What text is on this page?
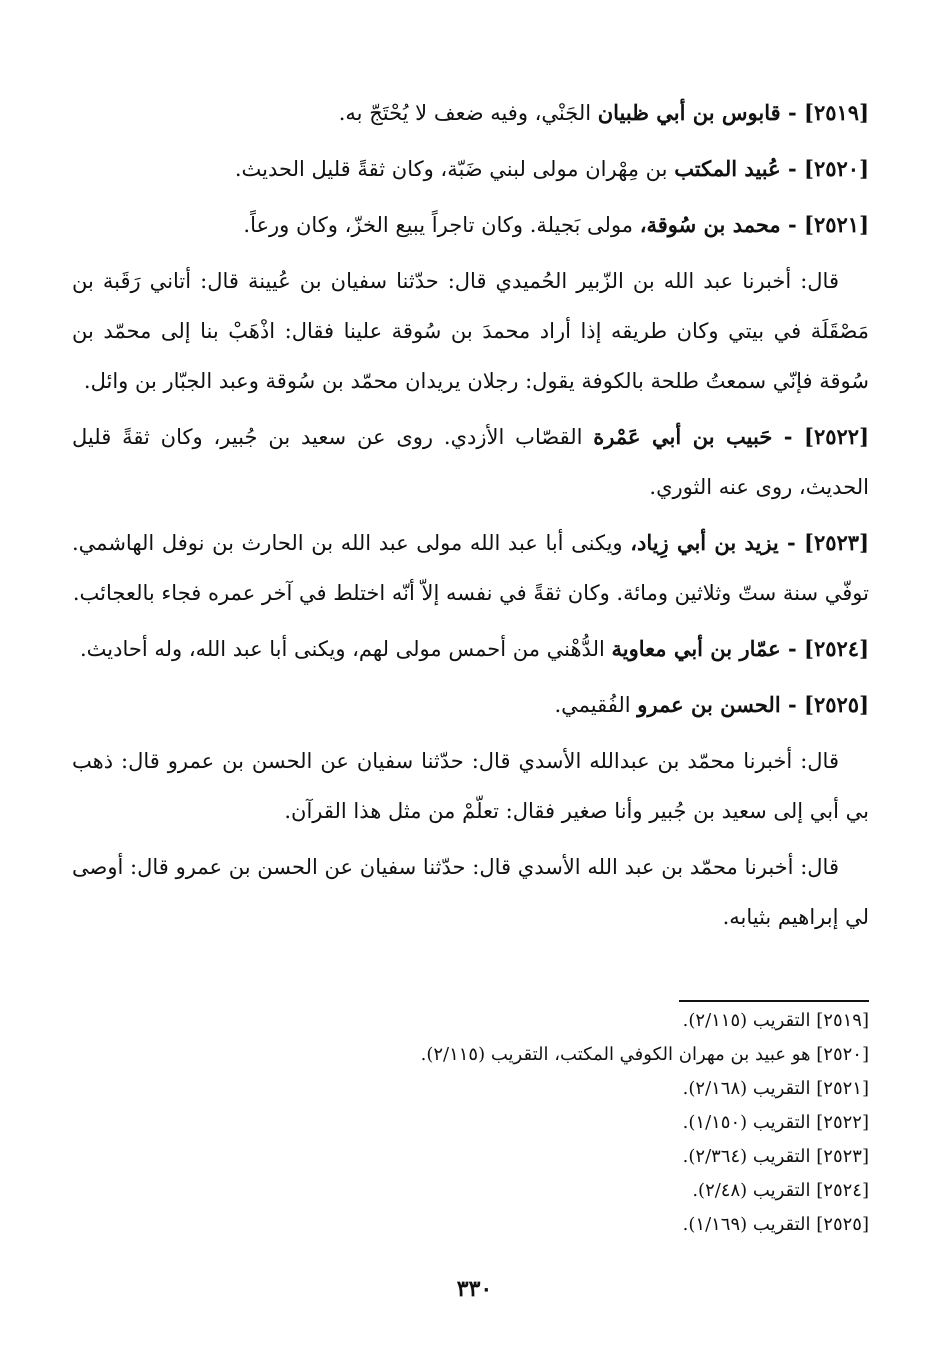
[٢٥١٩] - قابوس بن أبي ظبيان الجَنْي، وفيه ضعف لا يُحْتَجّ به.

[٢٥٢٠] - عُبيد المكتب بن مِهْران مولى لبني ضَبّة، وكان ثقةً قليل الحديث.

[٢٥٢١] - محمد بن سُوقة، مولى بَجيلة. وكان تاجراً يبيع الخزّ، وكان ورعاً.

قال: أخبرنا عبد الله بن الزّبير الحُميدي قال: حدّثنا سفيان بن عُيينة قال: أتاني رَقَبة بن مَصْقَلَة في بيتي وكان طريقه إذا أراد محمدَ بن سُوقة علينا فقال: اذْهَبْ بنا إلى محمّد بن سُوقة فإنّي سمعتُ طلحة بالكوفة يقول: رجلان يريدان محمّد بن سُوقة وعبد الجبّار بن وائل.

[٢٥٢٢] - حَبيب بن أبي عَمْرة القصّاب الأزدي. روى عن سعيد بن جُبير، وكان ثقةً قليل الحديث، روى عنه الثوري.

[٢٥٢٣] - يزيد بن أبي زِياد، ويكنى أبا عبد الله مولى عبد الله بن الحارث بن نوفل الهاشمي. توفّي سنة ستّ وثلاثين ومائة. وكان ثقةً في نفسه إلاّ أنّه اختلط في آخر عمره فجاء بالعجائب.

[٢٥٢٤] - عمّار بن أبي معاوية الدُّهْني من أحمس مولى لهم، ويكنى أبا عبد الله، وله أحاديث.

[٢٥٢٥] - الحسن بن عمرو الفُقيمي.

قال: أخبرنا محمّد بن عبدالله الأسدي قال: حدّثنا سفيان عن الحسن بن عمرو قال: ذهب بي أبي إلى سعيد بن جُبير وأنا صغير فقال: تعلّمْ من مثل هذا القرآن.

قال: أخبرنا محمّد بن عبد الله الأسدي قال: حدّثنا سفيان عن الحسن بن عمرو قال: أوصى لي إبراهيم بثيابه.

[٢٥١٩] التقريب (٢/١١٥).

[٢٥٢٠] هو عبيد بن مهران الكوفي المكتب، التقريب (٢/١١٥).

[٢٥٢١] التقريب (٢/١٦٨).

[٢٥٢٢] التقريب (١/١٥٠).

[٢٥٢٣] التقريب (٢/٣٦٤).

[٢٥٢٤] التقريب (٢/٤٨).

[٢٥٢٥] التقريب (١/١٦٩).

٣٣٠
